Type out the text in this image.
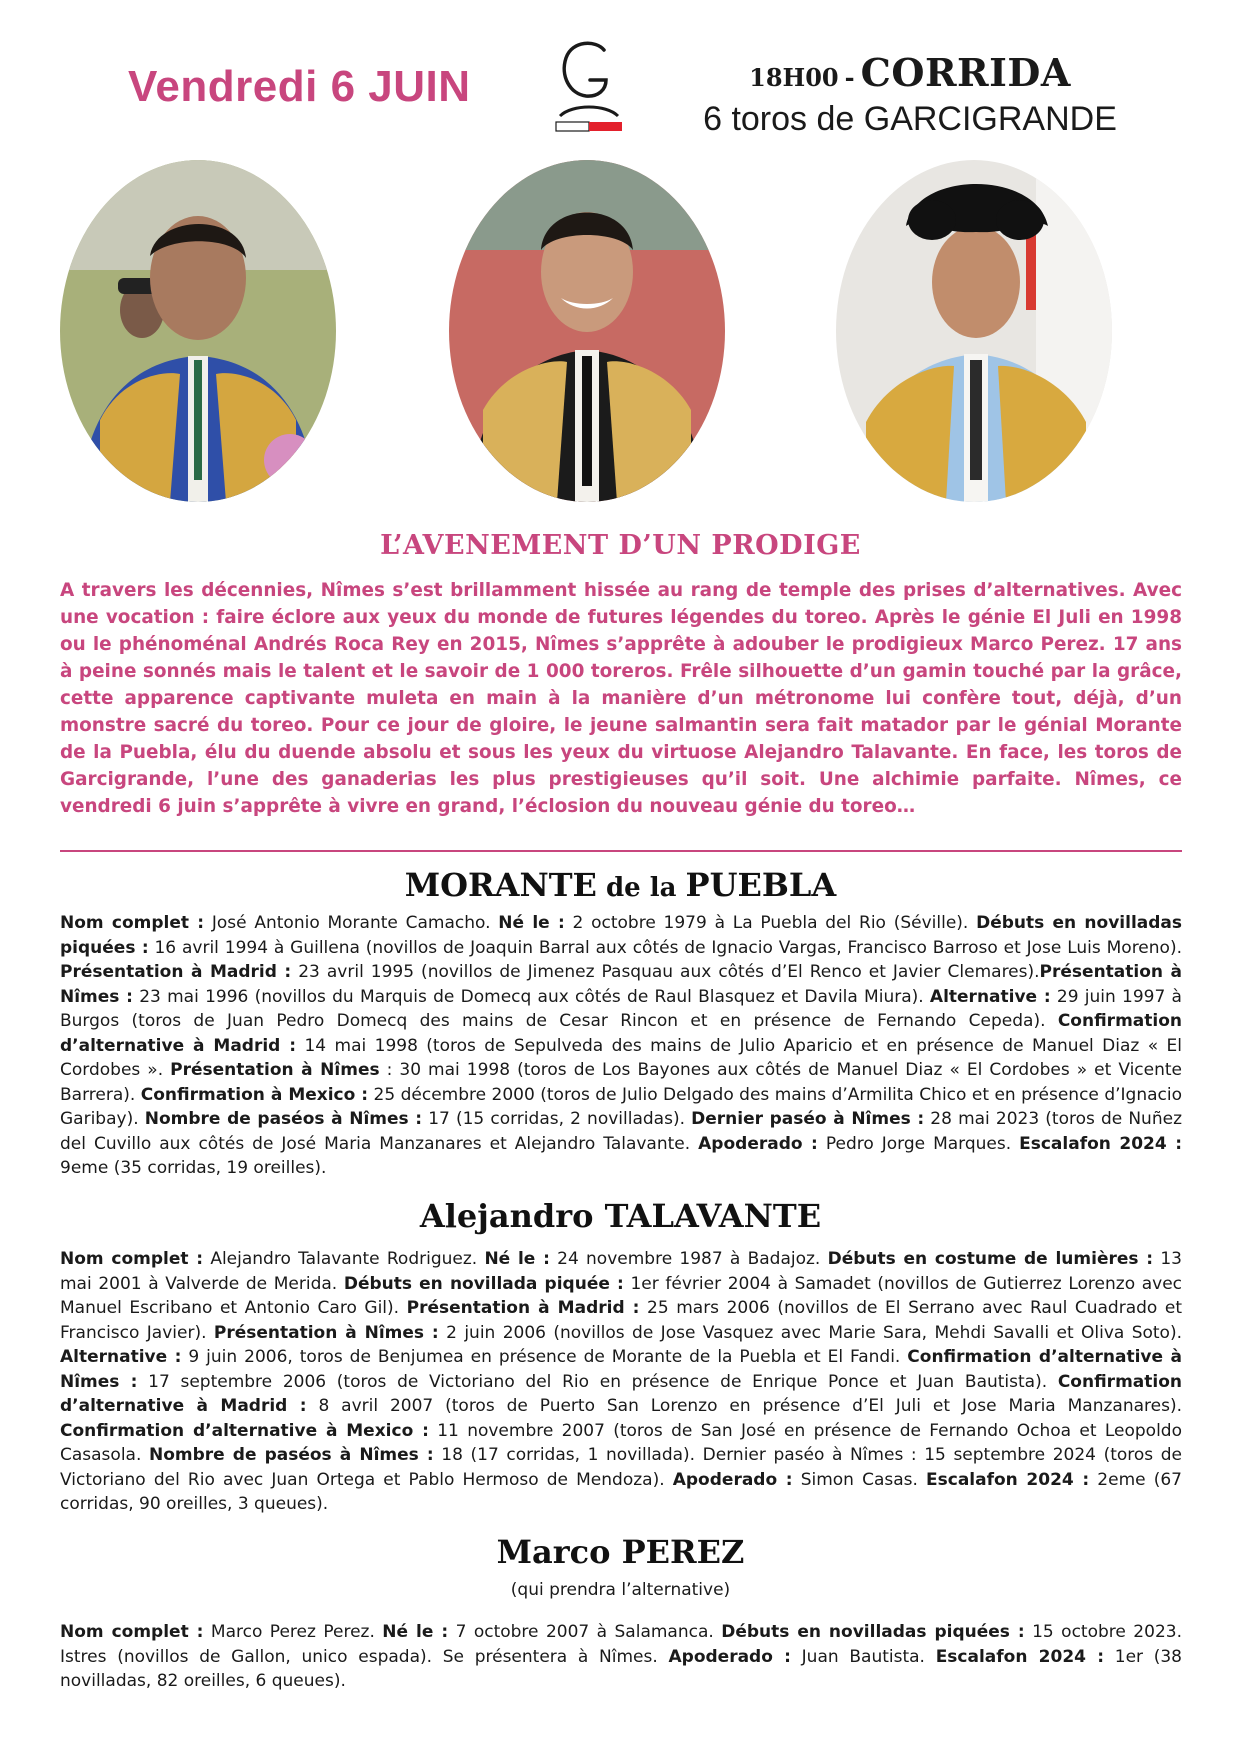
Vendredi 6 JUIN	18H00 - CORRIDA
6 toros de GARCIGRANDE
L’AVENEMENT D’UN PRODIGE
A travers les décennies, Nîmes s’est brillamment hissée au rang de temple des prises d’alternatives. Avec une vocation : faire éclore aux yeux du monde de futures légendes du toreo. Après le génie El Juli en 1998 ou le phénoménal Andrés Roca Rey en 2015, Nîmes s’apprête à adouber le prodigieux Marco Perez. 17 ans à peine sonnés mais le talent et le savoir de 1 000 toreros. Frêle silhouette d’un gamin touché par la grâce, cette apparence captivante muleta en main à la manière d’un métronome lui confère tout, déjà, d’un monstre sacré du toreo. Pour ce jour de gloire, le jeune salmantin sera fait matador par le génial Morante de la Puebla, élu du duende absolu et sous les yeux du virtuose Alejandro Talavante. En face, les toros de Garcigrande, l’une des ganaderias les plus prestigieuses qu’il soit. Une alchimie parfaite. Nîmes, ce vendredi 6 juin s’apprête à vivre en grand, l’éclosion du nouveau génie du toreo…
MORANTE de la PUEBLA
Nom complet : José Antonio Morante Camacho. Né le : 2 octobre 1979 à La Puebla del Rio (Séville). Débuts en novilladas piquées : 16 avril 1994 à Guillena (novillos de Joaquin Barral aux côtés de Ignacio Vargas, Francisco Barroso et Jose Luis Moreno). Présentation à Madrid : 23 avril 1995 (novillos de Jimenez Pasquau aux côtés d’El Renco et Javier Clemares).Présentation à Nîmes : 23 mai 1996 (novillos du Marquis de Domecq aux côtés de Raul Blasquez et Davila Miura). Alternative : 29 juin 1997 à Burgos (toros de Juan Pedro Domecq des mains de Cesar Rincon et en présence de Fernando Cepeda). Confirmation d’alternative à Madrid : 14 mai 1998 (toros de Sepulveda des mains de Julio Aparicio et en présence de Manuel Diaz « El Cordobes ». Présentation à Nîmes : 30 mai 1998 (toros de Los Bayones aux côtés de Manuel Diaz « El Cordobes » et Vicente Barrera). Confirmation à Mexico : 25 décembre 2000 (toros de Julio Delgado des mains d’Armilita Chico et en présence d’Ignacio Garibay). Nombre de paséos à Nîmes : 17 (15 corridas, 2 novilladas). Dernier paséo à Nîmes : 28 mai 2023 (toros de Nuñez del Cuvillo aux côtés de José Maria Manzanares et Alejandro Talavante. Apoderado : Pedro Jorge Marques. Escalafon 2024 : 9eme (35 corridas, 19 oreilles).
Alejandro TALAVANTE
Nom complet : Alejandro Talavante Rodriguez. Né le : 24 novembre 1987 à Badajoz. Débuts en costume de lumières : 13 mai 2001 à Valverde de Merida. Débuts en novillada piquée : 1er février 2004 à Samadet (novillos de Gutierrez Lorenzo avec Manuel Escribano et Antonio Caro Gil). Présentation à Madrid : 25 mars 2006 (novillos de El Serrano avec Raul Cuadrado et Francisco Javier). Présentation à Nîmes : 2 juin 2006 (novillos de Jose Vasquez avec Marie Sara, Mehdi Savalli et Oliva Soto). Alternative : 9 juin 2006, toros de Benjumea en présence de Morante de la Puebla et El Fandi. Confirmation d’alternative à Nîmes : 17 septembre 2006 (toros de Victoriano del Rio en présence de Enrique Ponce et Juan Bautista). Confirmation d’alternative à Madrid : 8 avril 2007 (toros de Puerto San Lorenzo en présence d’El Juli et Jose Maria Manzanares). Confirmation d’alternative à Mexico : 11 novembre 2007 (toros de San José en présence de Fernando Ochoa et Leopoldo Casasola. Nombre de paséos à Nîmes : 18 (17 corridas, 1 novillada). Dernier paséo à Nîmes : 15 septembre 2024 (toros de Victoriano del Rio avec Juan Ortega et Pablo Hermoso de Mendoza). Apoderado : Simon Casas. Escalafon 2024 : 2eme (67 corridas, 90 oreilles, 3 queues).
Marco PEREZ
(qui prendra l’alternative)
Nom complet : Marco Perez Perez. Né le : 7 octobre 2007 à Salamanca. Débuts en novilladas piquées : 15 octobre 2023. Istres (novillos de Gallon, unico espada). Se présentera à Nîmes. Apoderado : Juan Bautista. Escalafon 2024 : 1er (38 novilladas, 82 oreilles, 6 queues).
